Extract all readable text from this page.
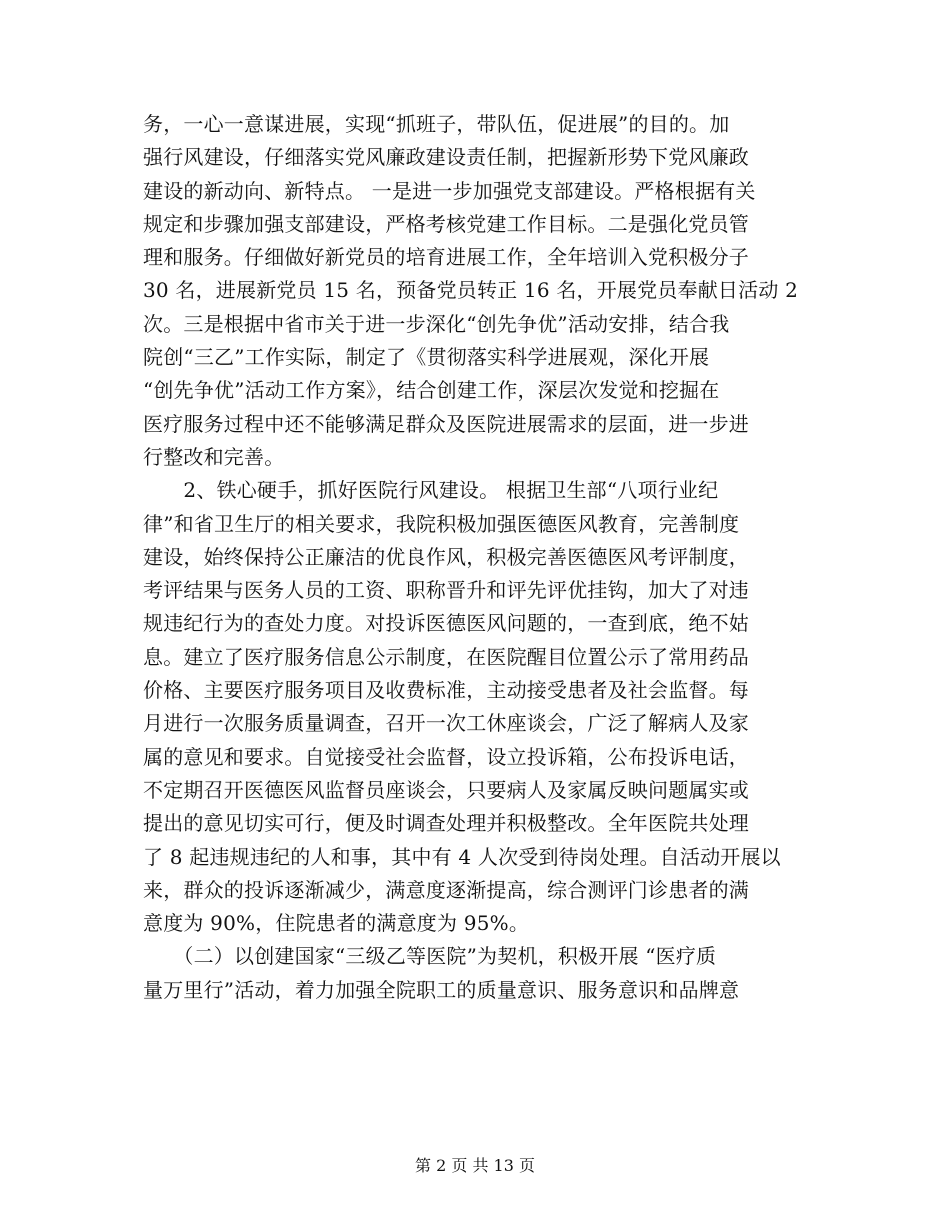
务，一心一意谋进展，实现“抓班子，带队伍，促进展”的目的。加
强行风建设，仔细落实党风廉政建设责任制，把握新形势下党风廉政
建设的新动向、新特点。 一是进一步加强党支部建设。严格根据有关
规定和步骤加强支部建设，严格考核党建工作目标。二是强化党员管
理和服务。仔细做好新党员的培育进展工作，全年培训入党积极分子
30 名，进展新党员 15 名，预备党员转正 16 名，开展党员奉献日活动 2
次。三是根据中省市关于进一步深化“创先争优”活动安排，结合我
院创“三乙”工作实际，制定了《贯彻落实科学进展观，深化开展
“创先争优”活动工作方案》，结合创建工作，深层次发觉和挖掘在
医疗服务过程中还不能够满足群众及医院进展需求的层面，进一步进
行整改和完善。
　　2、铁心硬手，抓好医院行风建设。 根据卫生部“八项行业纪
律”和省卫生厅的相关要求，我院积极加强医德医风教育，完善制度
建设，始终保持公正廉洁的优良作风，积极完善医德医风考评制度，
考评结果与医务人员的工资、职称晋升和评先评优挂钩，加大了对违
规违纪行为的查处力度。对投诉医德医风问题的，一查到底，绝不姑
息。建立了医疗服务信息公示制度，在医院醒目位置公示了常用药品
价格、主要医疗服务项目及收费标准，主动接受患者及社会监督。每
月进行一次服务质量调查，召开一次工休座谈会，广泛了解病人及家
属的意见和要求。自觉接受社会监督，设立投诉箱，公布投诉电话，
不定期召开医德医风监督员座谈会，只要病人及家属反映问题属实或
提出的意见切实可行，便及时调查处理并积极整改。全年医院共处理
了 8 起违规违纪的人和事，其中有 4 人次受到待岗处理。自活动开展以
来，群众的投诉逐渐减少，满意度逐渐提高，综合测评门诊患者的满
意度为 90%，住院患者的满意度为 95%。
　　（二）以创建国家“三级乙等医院”为契机，积极开展 “医疗质
量万里行”活动，着力加强全院职工的质量意识、服务意识和品牌意
第 2 页 共 13 页
